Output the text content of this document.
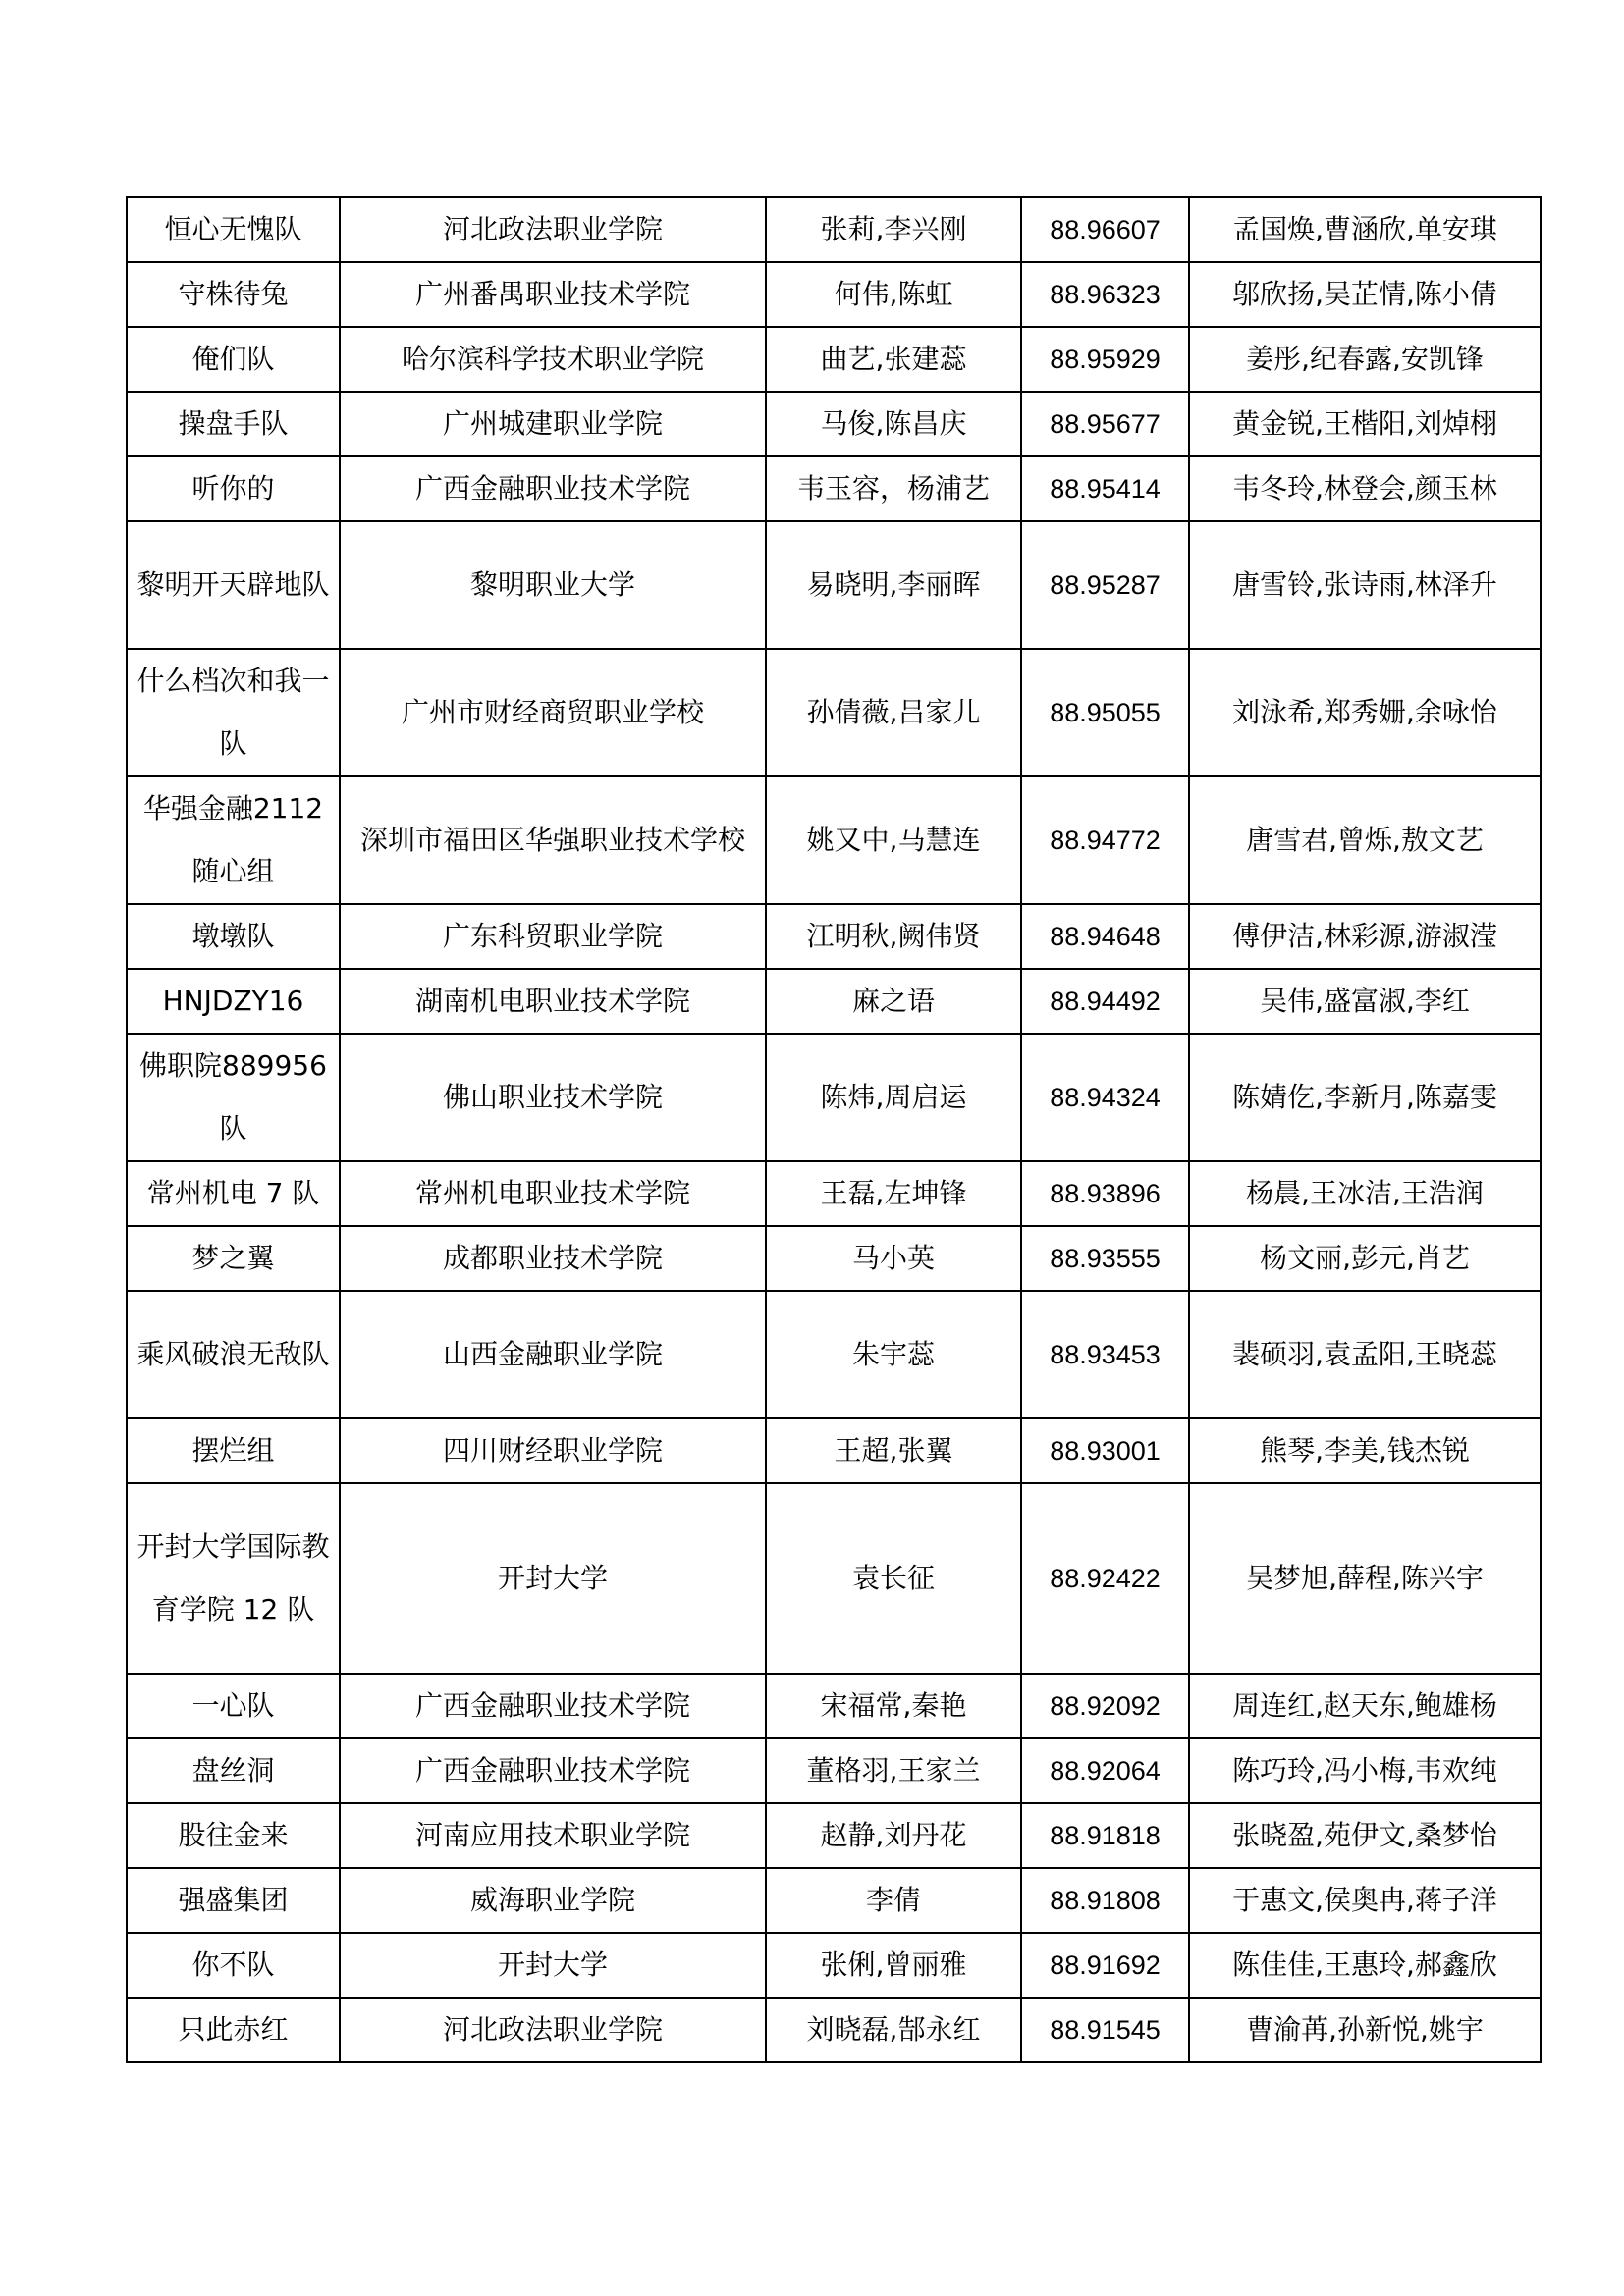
恒心无愧队	河北政法职业学院	张莉,李兴刚	88.96607	孟国焕,曹涵欣,单安琪
守株待兔	广州番禺职业技术学院	何伟,陈虹	88.96323	邬欣扬,吴芷情,陈小倩
俺们队	哈尔滨科学技术职业学院	曲艺,张建蕊	88.95929	姜彤,纪春露,安凯锋
操盘手队	广州城建职业学院	马俊,陈昌庆	88.95677	黄金锐,王楷阳,刘焯栩
听你的	广西金融职业技术学院	韦玉容，杨浦艺	88.95414	韦冬玲,林登会,颜玉林
黎明开天辟地队	黎明职业大学	易晓明,李丽晖	88.95287	唐雪铃,张诗雨,林泽升
什么档次和我一队	广州市财经商贸职业学校	孙倩薇,吕家儿	88.95055	刘泳希,郑秀姗,余咏怡
华强金融2112 随心组	深圳市福田区华强职业技术学校	姚又中,马慧连	88.94772	唐雪君,曾烁,敖文艺
墩墩队	广东科贸职业学院	江明秋,阙伟贤	88.94648	傅伊洁,林彩源,游淑滢
HNJDZY16	湖南机电职业技术学院	麻之语	88.94492	吴伟,盛富淑,李红
佛职院889956 队	佛山职业技术学院	陈炜,周启运	88.94324	陈婧仡,李新月,陈嘉雯
常州机电 7 队	常州机电职业技术学院	王磊,左坤锋	88.93896	杨晨,王冰洁,王浩润
梦之翼	成都职业技术学院	马小英	88.93555	杨文丽,彭元,肖艺
乘风破浪无敌队	山西金融职业学院	朱宇蕊	88.93453	裴硕羽,袁孟阳,王晓蕊
摆烂组	四川财经职业学院	王超,张翼	88.93001	熊琴,李美,钱杰锐
开封大学国际教育学院 12 队	开封大学	袁长征	88.92422	吴梦旭,薛程,陈兴宇
一心队	广西金融职业技术学院	宋福常,秦艳	88.92092	周连红,赵天东,鲍雄杨
盘丝洞	广西金融职业技术学院	董格羽,王家兰	88.92064	陈巧玲,冯小梅,韦欢纯
股往金来	河南应用技术职业学院	赵静,刘丹花	88.91818	张晓盈,苑伊文,桑梦怡
强盛集团	威海职业学院	李倩	88.91808	于惠文,侯奥冉,蒋子洋
你不队	开封大学	张俐,曾丽雅	88.91692	陈佳佳,王惠玲,郝鑫欣
只此赤红	河北政法职业学院	刘晓磊,郜永红	88.91545	曹渝苒,孙新悦,姚宇
